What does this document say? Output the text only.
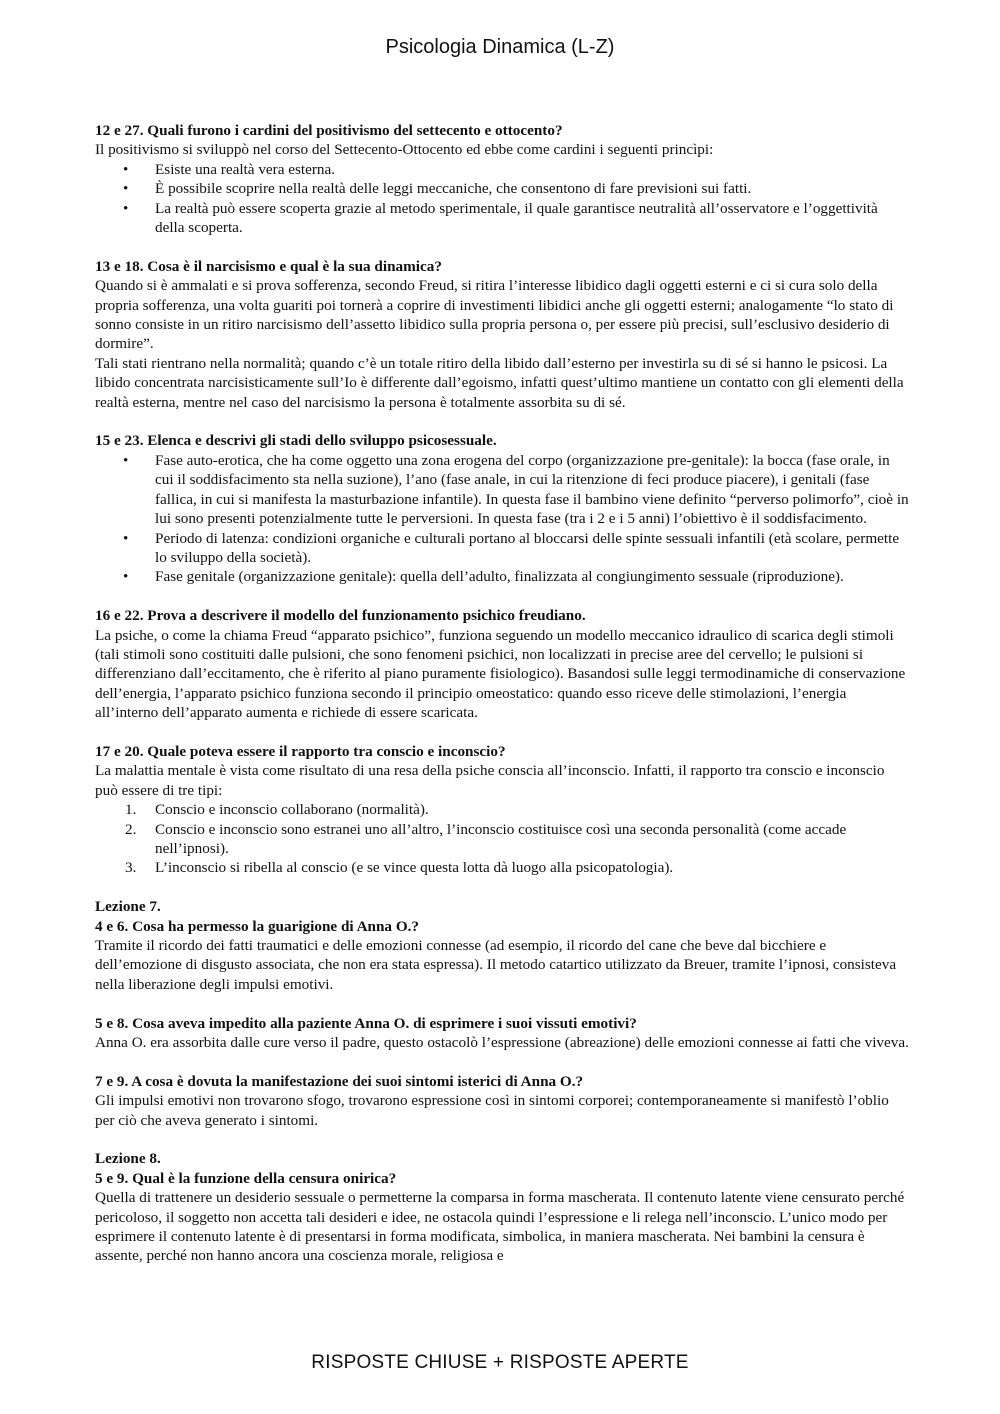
Psicologia Dinamica (L-Z)

12 e 27. Quali furono i cardini del positivismo del settecento e ottocento?

Il positivismo si sviluppò nel corso del Settecento-Ottocento ed ebbe come cardini i seguenti princìpi:

• Esiste una realtà vera esterna.
• È possibile scoprire nella realtà delle leggi meccaniche, che consentono di fare previsioni sui fatti.
• La realtà può essere scoperta grazie al metodo sperimentale, il quale garantisce neutralità all’osservatore e l’oggettività della scoperta.

13 e 18. Cosa è il narcisismo e qual è la sua dinamica?

Quando si è ammalati e si prova sofferenza, secondo Freud, si ritira l’interesse libidico dagli oggetti esterni e ci si cura solo della propria sofferenza, una volta guariti poi tornerà a coprire di investimenti libidici anche gli oggetti esterni; analogamente “lo stato di sonno consiste in un ritiro narcisismo dell’assetto libidico sulla propria persona o, per essere più precisi, sull’esclusivo desiderio di dormire”.

Tali stati rientrano nella normalità; quando c’è un totale ritiro della libido dall’esterno per investirla su di sé si hanno le psicosi. La libido concentrata narcisisticamente sull’Io è differente dall’egoismo, infatti quest’ultimo mantiene un contatto con gli elementi della realtà esterna, mentre nel caso del narcisismo la persona è totalmente assorbita su di sé.

15 e 23. Elenca e descrivi gli stadi dello sviluppo psicosessuale.

• Fase auto-erotica, che ha come oggetto una zona erogena del corpo (organizzazione pre-genitale): la bocca (fase orale, in cui il soddisfacimento sta nella suzione), l’ano (fase anale, in cui la ritenzione di feci produce piacere), i genitali (fase fallica, in cui si manifesta la masturbazione infantile). In questa fase il bambino viene definito “perverso polimorfo”, cioè in lui sono presenti potenzialmente tutte le perversioni. In questa fase (tra i 2 e i 5 anni) l’obiettivo è il soddisfacimento.
• Periodo di latenza: condizioni organiche e culturali portano al bloccarsi delle spinte sessuali infantili (età scolare, permette lo sviluppo della società).
• Fase genitale (organizzazione genitale): quella dell’adulto, finalizzata al congiungimento sessuale (riproduzione).

16 e 22. Prova a descrivere il modello del funzionamento psichico freudiano.

La psiche, o come la chiama Freud “apparato psichico”, funziona seguendo un modello meccanico idraulico di scarica degli stimoli (tali stimoli sono costituiti dalle pulsioni, che sono fenomeni psichici, non localizzati in precise aree del cervello; le pulsioni si differenziano dall’eccitamento, che è riferito al piano puramente fisiologico). Basandosi sulle leggi termodinamiche di conservazione dell’energia, l’apparato psichico funziona secondo il principio omeostatico: quando esso riceve delle stimolazioni, l’energia all’interno dell’apparato aumenta e richiede di essere scaricata.

17 e 20. Quale poteva essere il rapporto tra conscio e inconscio?

La malattia mentale è vista come risultato di una resa della psiche conscia all’inconscio. Infatti, il rapporto tra conscio e inconscio può essere di tre tipi:

1. Conscio e inconscio collaborano (normalità).
2. Conscio e inconscio sono estranei uno all’altro, l’inconscio costituisce così una seconda personalità (come accade nell’ipnosi).
3. L’inconscio si ribella al conscio (e se vince questa lotta dà luogo alla psicopatologia).

Lezione 7.

4 e 6. Cosa ha permesso la guarigione di Anna O.?

Tramite il ricordo dei fatti traumatici e delle emozioni connesse (ad esempio, il ricordo del cane che beve dal bicchiere e dell’emozione di disgusto associata, che non era stata espressa). Il metodo catartico utilizzato da Breuer, tramite l’ipnosi, consisteva nella liberazione degli impulsi emotivi.

5 e 8. Cosa aveva impedito alla paziente Anna O. di esprimere i suoi vissuti emotivi?

Anna O. era assorbita dalle cure verso il padre, questo ostacolò l’espressione (abreazione) delle emozioni connesse ai fatti che viveva.

7 e 9. A cosa è dovuta la manifestazione dei suoi sintomi isterici di Anna O.?

Gli impulsi emotivi non trovarono sfogo, trovarono espressione così in sintomi corporei; contemporaneamente si manifestò l’oblio per ciò che aveva generato i sintomi.

Lezione 8.

5 e 9. Qual è la funzione della censura onirica?

Quella di trattenere un desiderio sessuale o permetterne la comparsa in forma mascherata. Il contenuto latente viene censurato perché pericoloso, il soggetto non accetta tali desideri e idee, ne ostacola quindi l’espressione e li relega nell’inconscio. L’unico modo per esprimere il contenuto latente è di presentarsi in forma modificata, simbolica, in maniera mascherata. Nei bambini la censura è assente, perché non hanno ancora una coscienza morale, religiosa e

RISPOSTE CHIUSE + RISPOSTE APERTE
